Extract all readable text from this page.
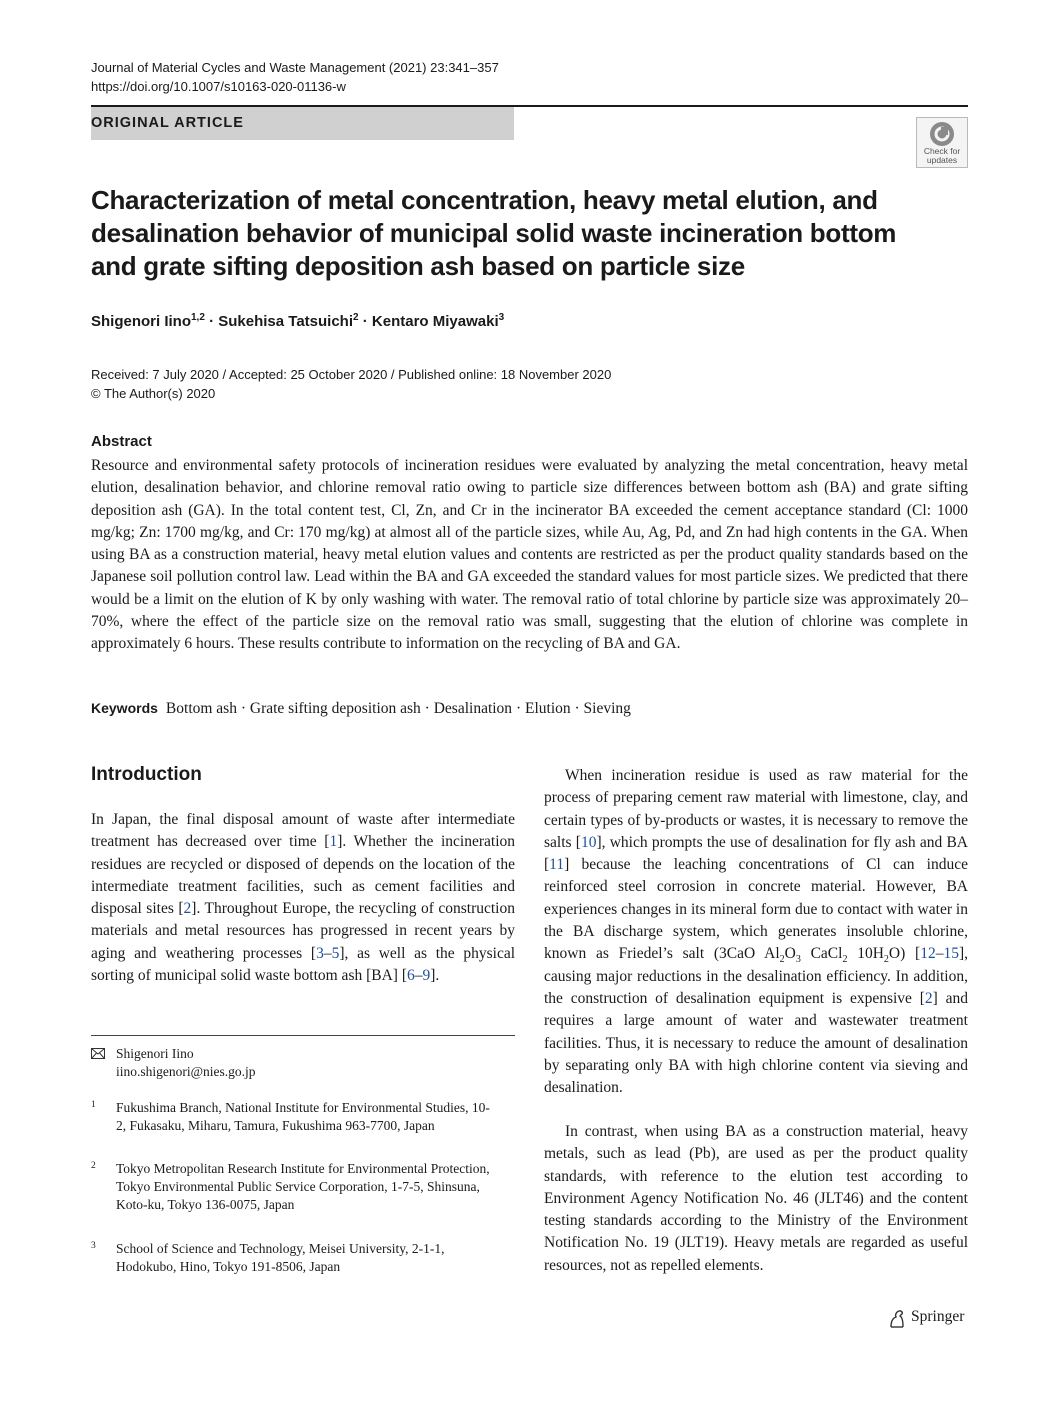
Journal of Material Cycles and Waste Management (2021) 23:341–357
https://doi.org/10.1007/s10163-020-01136-w
ORIGINAL ARTICLE
Check for
updates
Characterization of metal concentration, heavy metal elution, and desalination behavior of municipal solid waste incineration bottom and grate sifting deposition ash based on particle size
Shigenori Iino$^{1,2}$ · Sukehisa Tatsuichi$^2$ · Kentaro Miyawaki$^3$
Received: 7 July 2020 / Accepted: 25 October 2020 / Published online: 18 November 2020
© The Author(s) 2020
Abstract
Resource and environmental safety protocols of incineration residues were evaluated by analyzing the metal concentration, heavy metal elution, desalination behavior, and chlorine removal ratio owing to particle size differences between bottom ash (BA) and grate sifting deposition ash (GA). In the total content test, Cl, Zn, and Cr in the incinerator BA exceeded the cement acceptance standard (Cl: 1000 mg/kg; Zn: 1700 mg/kg, and Cr: 170 mg/kg) at almost all of the particle sizes, while Au, Ag, Pd, and Zn had high contents in the GA. When using BA as a construction material, heavy metal elution values and contents are restricted as per the product quality standards based on the Japanese soil pollution control law. Lead within the BA and GA exceeded the standard values for most particle sizes. We predicted that there would be a limit on the elution of K by only washing with water. The removal ratio of total chlorine by particle size was approximately 20–70%, where the effect of the particle size on the removal ratio was small, suggesting that the elution of chlorine was complete in approximately 6 hours. These results contribute to information on the recycling of BA and GA.
Keywords Bottom ash · Grate sifting deposition ash · Desalination · Elution · Sieving
Introduction
In Japan, the final disposal amount of waste after intermediate treatment has decreased over time [1]. Whether the incineration residues are recycled or disposed of depends on the location of the intermediate treatment facilities, such as cement facilities and disposal sites [2]. Throughout Europe, the recycling of construction materials and metal resources has progressed in recent years by aging and weathering processes [3–5], as well as the physical sorting of municipal solid waste bottom ash [BA] [6–9].
Shigenori Iino
iino.shigenori@nies.go.jp
1 Fukushima Branch, National Institute for Environmental Studies, 10-2, Fukasaku, Miharu, Tamura, Fukushima 963-7700, Japan
2 Tokyo Metropolitan Research Institute for Environmental Protection, Tokyo Environmental Public Service Corporation, 1-7-5, Shinsuna, Koto-ku, Tokyo 136-0075, Japan
3 School of Science and Technology, Meisei University, 2-1-1, Hodokubo, Hino, Tokyo 191-8506, Japan
When incineration residue is used as raw material for the process of preparing cement raw material with limestone, clay, and certain types of by-products or wastes, it is necessary to remove the salts [10], which prompts the use of desalination for fly ash and BA [11] because the leaching concentrations of Cl can induce reinforced steel corrosion in concrete material. However, BA experiences changes in its mineral form due to contact with water in the BA discharge system, which generates insoluble chlorine, known as Friedel’s salt (3CaO $Al_2O_3$ CaCl$_2$ $10H_2O$) [12–15], causing major reductions in the desalination efficiency. In addition, the construction of desalination equipment is expensive [2] and requires a large amount of water and wastewater treatment facilities. Thus, it is necessary to reduce the amount of desalination by separating only BA with high chlorine content via sieving and desalination.
In contrast, when using BA as a construction material, heavy metals, such as lead (Pb), are used as per the product quality standards, with reference to the elution test according to Environment Agency Notification No. 46 (JLT46) and the content testing standards according to the Ministry of the Environment Notification No. 19 (JLT19). Heavy metals are regarded as useful resources, not as repelled elements.
Springer
